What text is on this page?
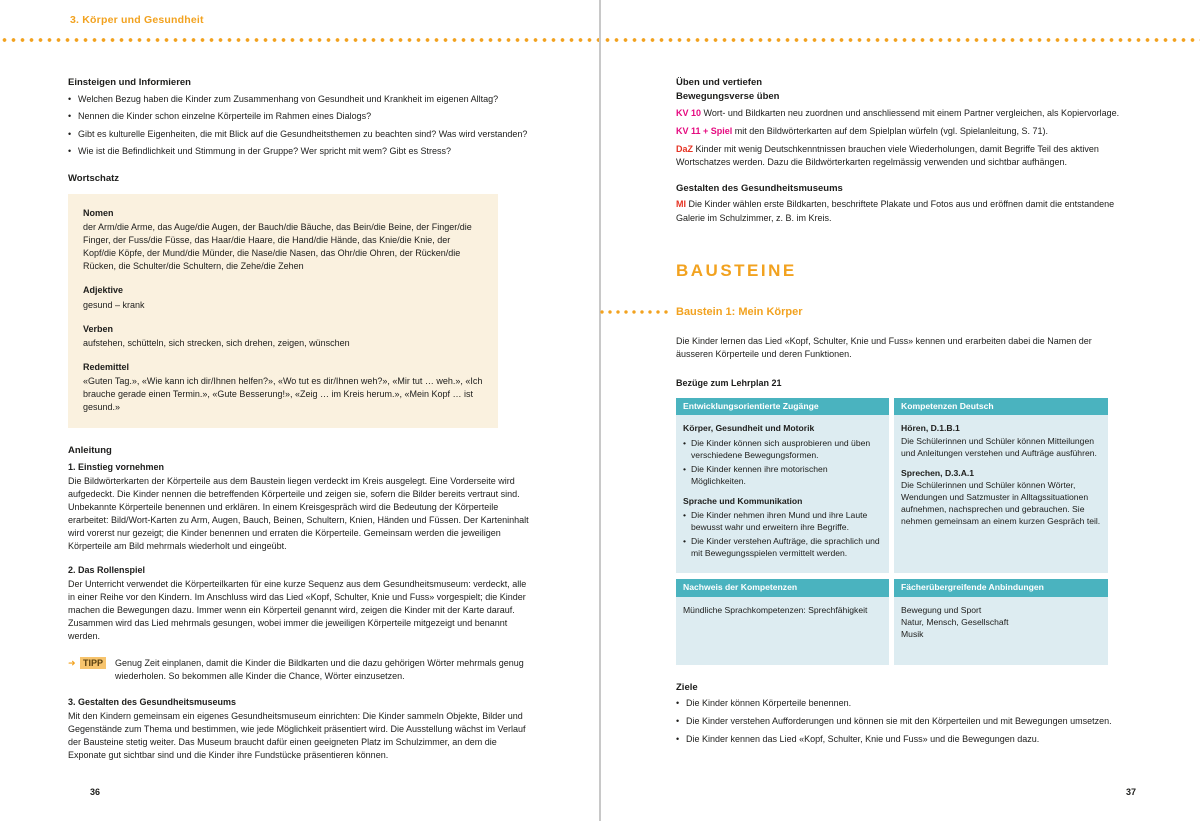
3. Körper und Gesundheit
Einsteigen und Informieren
• Welchen Bezug haben die Kinder zum Zusammenhang von Gesundheit und Krankheit im eigenen Alltag?
• Nennen die Kinder schon einzelne Körperteile im Rahmen eines Dialogs?
• Gibt es kulturelle Eigenheiten, die mit Blick auf die Gesundheitsthemen zu beachten sind? Was wird verstanden?
• Wie ist die Befindlichkeit und Stimmung in der Gruppe? Wer spricht mit wem? Gibt es Stress?
Wortschatz
Nomen
der Arm/die Arme, das Auge/die Augen, der Bauch/die Bäuche, das Bein/die Beine, der Finger/die Finger, der Fuss/die Füsse, das Haar/die Haare, die Hand/die Hände, das Knie/die Knie, der Kopf/die Köpfe, der Mund/die Münder, die Nase/die Nasen, das Ohr/die Ohren, der Rücken/die Rücken, die Schulter/die Schultern, die Zehe/die Zehen
Adjektive
gesund – krank
Verben
aufstehen, schütteln, sich strecken, sich drehen, zeigen, wünschen
Redemittel
«Guten Tag.», «Wie kann ich dir/Ihnen helfen?», «Wo tut es dir/Ihnen weh?», «Mir tut … weh.», «Ich brauche gerade einen Termin.», «Gute Besserung!», «Zeig … im Kreis herum.», «Mein Kopf … ist gesund.»
Anleitung
1. Einstieg vornehmen
Die Bildwörterkarten der Körperteile aus dem Baustein liegen verdeckt im Kreis ausgelegt. Eine Vorderseite wird aufgedeckt. Die Kinder nennen die betreffenden Körperteile und zeigen sie, sofern die Bilder bereits vertraut sind. Unbekannte Körperteile benennen und erklären. In einem Kreisgespräch wird die Bedeutung der Körperteile erarbeitet: Bild/Wort-Karten zu Arm, Augen, Bauch, Beinen, Schultern, Knien, Händen und Füssen. Der Karteninhalt wird vorerst nur gezeigt; die Kinder benennen und erraten die Körperteile. Gemeinsam werden die jeweiligen Körperteile am Bild mehrmals wiederholt und eingeübt.
2. Das Rollenspiel
Der Unterricht verwendet die Körperteilkarten für eine kurze Sequenz aus dem Gesundheitsmuseum: verdeckt, alle in einer Reihe vor den Kindern. Im Anschluss wird das Lied «Kopf, Schulter, Knie und Fuss» vorgespielt; die Kinder machen die Bewegungen dazu. Immer wenn ein Körperteil genannt wird, zeigen die Kinder mit der Karte darauf. Zusammen wird das Lied mehrmals gesungen, wobei immer die jeweiligen Körperteile mitgezeigt und benannt werden.
➜ TIPP	Genug Zeit einplanen, damit die Kinder die Bildkarten und die dazu gehörigen Wörter mehrmals genug wiederholen. So bekommen alle Kinder die Chance, Wörter einzusetzen.
3. Gestalten des Gesundheitsmuseums
Mit den Kindern gemeinsam ein eigenes Gesundheitsmuseum einrichten: Die Kinder sammeln Objekte, Bilder und Gegenstände zum Thema und bestimmen, wie jede Möglichkeit präsentiert wird. Die Ausstellung wächst im Verlauf der Bausteine stetig weiter. Das Museum braucht dafür einen geeigneten Platz im Schulzimmer, an dem die Exponate gut sichtbar sind und die Kinder ihre Fundstücke präsentieren können.
36
Üben und vertiefen
Bewegungsverse üben
KV 10 Wort- und Bildkarten neu zuordnen und anschliessend mit einem Partner vergleichen, als Kopiervorlage.
KV 11 + Spiel mit den Bildwörterkarten auf dem Spielplan würfeln (vgl. Spielanleitung, S. 71).
DaZ Kinder mit wenig Deutschkenntnissen brauchen viele Wiederholungen, damit Begriffe Teil des aktiven Wortschatzes werden. Dazu die Bildwörterkarten regelmässig verwenden und sichtbar aufhängen.
Gestalten des Gesundheitsmuseums
MI Die Kinder wählen erste Bildkarten, beschriftete Plakate und Fotos aus und eröffnen damit die entstandene Galerie im Schulzimmer, z. B. im Kreis.
BAUSTEINE
Baustein 1: Mein Körper
Die Kinder lernen das Lied «Kopf, Schulter, Knie und Fuss» kennen und erarbeiten dabei die Namen der äusseren Körperteile und deren Funktionen.
Bezüge zum Lehrplan 21
Entwicklungsorientierte Zugänge	Kompetenzen Deutsch
Körper, Gesundheit und Motorik
• Die Kinder können sich ausprobieren und üben verschiedene Bewegungsformen.
• Die Kinder kennen ihre motorischen Möglichkeiten.
Sprache und Kommunikation
• Die Kinder nehmen ihren Mund und ihre Laute bewusst wahr und erweitern ihre Begriffe.
• Die Kinder verstehen Aufträge, die sprachlich und mit Bewegungsspielen vermittelt werden.
Hören, D.1.B.1
Die Schülerinnen und Schüler können Mitteilungen und Anleitungen verstehen und Aufträge ausführen.
Sprechen, D.3.A.1
Die Schülerinnen und Schüler können Wörter, Wendungen und Satzmuster in Alltagssituationen aufnehmen, nachsprechen und gebrauchen. Sie nehmen gemeinsam an einem kurzen Gespräch teil.
Nachweis der Kompetenzen	Fächerübergreifende Anbindungen
Mündliche Sprachkompetenzen: Sprechfähigkeit	Bewegung und Sport
Natur, Mensch, Gesellschaft
Musik
Ziele
• Die Kinder können Körperteile benennen.
• Die Kinder verstehen Aufforderungen und können sie mit den Körperteilen und mit Bewegungen umsetzen.
• Die Kinder kennen das Lied «Kopf, Schulter, Knie und Fuss» und die Bewegungen dazu.
37
